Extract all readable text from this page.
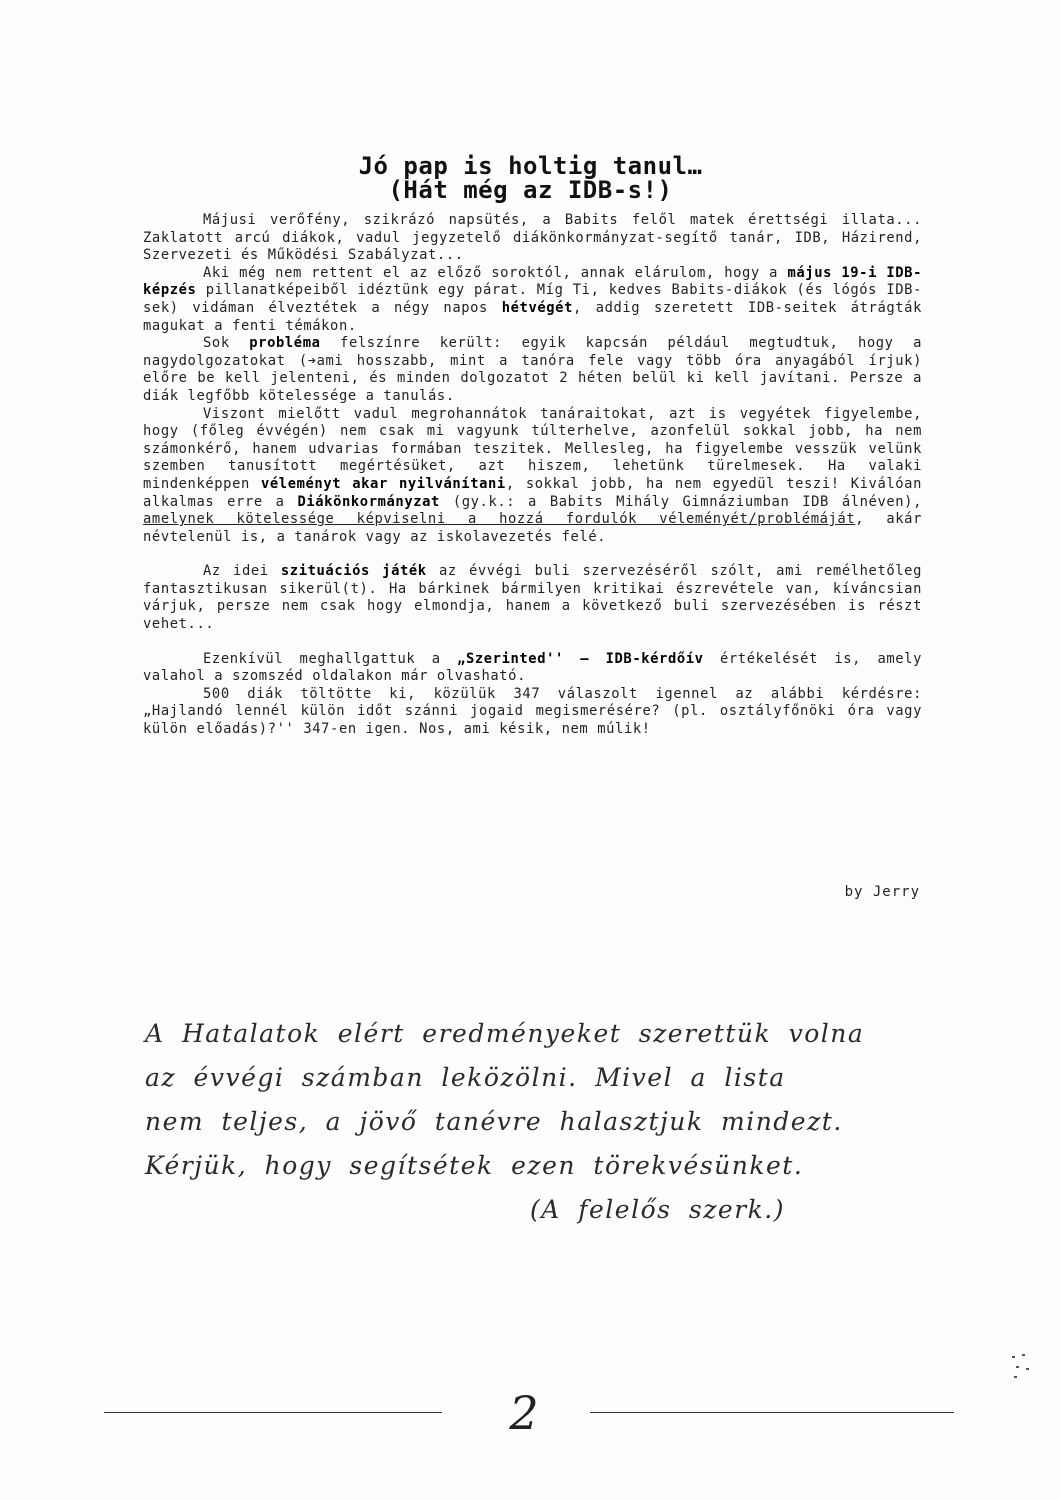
Jó pap is holtig tanul…
(Hát még az IDB-s!)

Májusi verőfény, szikrázó napsütés, a Babits felől matek érettségi illata... Zaklatott arcú diákok, vadul jegyzetelő diákönkormányzat-segítő tanár, IDB, Házirend, Szervezeti és Működési Szabályzat...

Aki még nem rettent el az előző soroktól, annak elárulom, hogy a május 19-i IDB-képzés pillanatképeiből idéztünk egy párat. Míg Ti, kedves Babits-diákok (és lógós IDB-sek) vidáman élveztétek a négy napos hétvégét, addig szeretett IDB-seitek átrágták magukat a fenti témákon.

Sok probléma felszínre került: egyik kapcsán például megtudtuk, hogy a nagydolgozatokat (➔ami hosszabb, mint a tanóra fele vagy több óra anyagából írjuk) előre be kell jelenteni, és minden dolgozatot 2 héten belül ki kell javítani. Persze a diák legfőbb kötelessége a tanulás.

Viszont mielőtt vadul megrohannátok tanáraitokat, azt is vegyétek figyelembe, hogy (főleg évvégén) nem csak mi vagyunk túlterhelve, azonfelül sokkal jobb, ha nem számonkérő, hanem udvarias formában teszitek. Mellesleg, ha figyelembe vesszük velünk szemben tanusított megértésüket, azt hiszem, lehetünk türelmesek. Ha valaki mindenképpen véleményt akar nyilvánítani, sokkal jobb, ha nem egyedül teszi! Kiválóan alkalmas erre a Diákönkormányzat (gy.k.: a Babits Mihály Gimnáziumban IDB álnéven), amelynek kötelessége képviselni a hozzá fordulók véleményét/problémáját, akár névtelenül is, a tanárok vagy az iskolavezetés felé.

Az idei szituációs játék az évvégi buli szervezéséről szólt, ami remélhetőleg fantasztikusan sikerül(t). Ha bárkinek bármilyen kritikai észrevétele van, kíváncsian várjuk, persze nem csak hogy elmondja, hanem a következő buli szervezésében is részt vehet...

Ezenkívül meghallgattuk a „Szerinted'' – IDB-kérdőív értékelését is, amely valahol a szomszéd oldalakon már olvasható.

500 diák töltötte ki, közülük 347 válaszolt igennel az alábbi kérdésre: „Hajlandó lennél külön időt szánni jogaid megismerésére? (pl. osztályfőnöki óra vagy külön előadás)?'' 347-en igen. Nos, ami késik, nem múlik!

by Jerry
A Hatalatok elért eredményeket szerettük volna
az évvégi számban leközölni. Mivel a lista
nem teljes, a jövő tanévre halasztjuk mindezt.
Kérjük, hogy segítsétek ezen törekvésünket.
(A felelős szerk.)
2
